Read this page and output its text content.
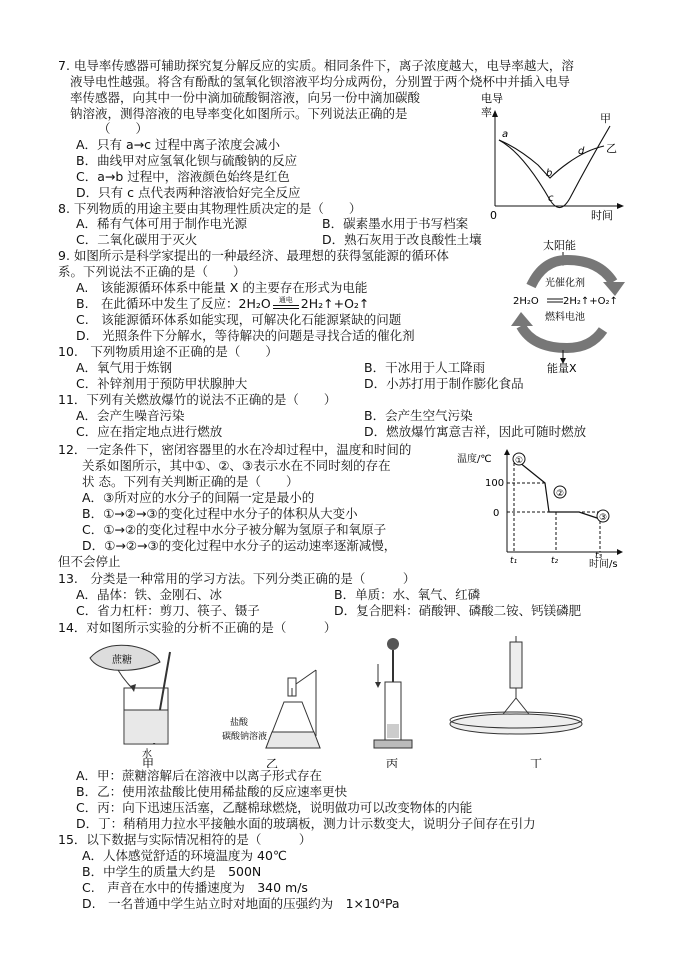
7. 电导率传感器可辅助探究复分解反应的实质。相同条件下，离子浓度越大，电导率越大，溶
液导电性越强。将含有酚酞的氢氧化钡溶液平均分成两份，分别置于两个烧杯中并插入电导
率传感器，向其中一份中滴加硫酸铜溶液，向另一份中滴加碳酸
钠溶液，测得溶液的电导率变化如图所示。下列说法正确的是
（　　）
A．只有 a→c 过程中离子浓度会减小
B．曲线甲对应氢氧化钡与硫酸钠的反应
C．a→b 过程中，溶液颜色始终是红色
D．只有 c 点代表两种溶液恰好完全反应
电导
率
0	时间
a
b
c
d
甲
乙
8. 下列物质的用途主要由其物理性质决定的是（　　）
A．稀有气体可用于制作电光源	B．碳素墨水用于书写档案
C．二氧化碳用于灭火	D．熟石灰用于改良酸性土壤
9. 如图所示是科学家提出的一种最经济、最理想的获得氢能源的循环体
系。下列说法不正确的是（　　）
A.　该能源循环体系中能量 X 的主要存在形式为电能
B.　在此循环中发生了反应：2H₂O 通电 2H₂↑+O₂↑
C.　该能源循环体系如能实现，可解决化石能源紧缺的问题
D.　光照条件下分解水，等待解决的问题是寻找合适的催化剂
太阳能
光催化剂
2H₂O 2H₂↑+O₂↑
燃料电池
能量X
10.　下列物质用途不正确的是（　　）
A．氧气用于炼钢	B．干冰用于人工降雨
C．补锌剂用于预防甲状腺肿大	D．小苏打用于制作膨化食品
11．下列有关燃放爆竹的说法不正确的是（　　）
A．会产生噪音污染	B．会产生空气污染
C．应在指定地点进行燃放	D．燃放爆竹寓意吉祥，因此可随时燃放
12．一定条件下，密闭容器里的水在冷却过程中，温度和时间的
关系如图所示，其中①、②、③表示水在不同时刻的存在
状 态。下列有关判断正确的是（　　）
A．③所对应的水分子的间隔一定是最小的
B．①→②→③的变化过程中水分子的体积从大变小
C．①→②的变化过程中水分子被分解为氢原子和氧原子
D．①→②→③的变化过程中水分子的运动速率逐渐减慢，
但不会停止
温度/℃
100
0
①
②
③
t₁	t₂	t₃
时间/s
13.　分类是一种常用的学习方法。下列分类正确的是（　　　）
A．晶体：铁、金刚石、冰	B．单质：水、氧气、红磷
C．省力杠杆：剪刀、筷子、镊子	D．复合肥料：硝酸钾、磷酸二铵、钙镁磷肥
14．对如图所示实验的分析不正确的是（　　　）
蔗糖
水
甲
盐酸
碳酸钠溶液
乙	丙	丁
A．甲：蔗糖溶解后在溶液中以离子形式存在
B．乙：使用浓盐酸比使用稀盐酸的反应速率更快
C．丙：向下迅速压活塞，乙醚棉球燃烧，说明做功可以改变物体的内能
D．丁：稍稍用力拉水平接触水面的玻璃板，测力计示数变大，说明分子间存在引力
15．以下数据与实际情况相符的是（　　　）
A．人体感觉舒适的环境温度为 40℃
B．中学生的质量大约是　500N
C.　声音在水中的传播速度为　340 m/s
D.　一名普通中学生站立时对地面的压强约为　1×10⁴Pa
